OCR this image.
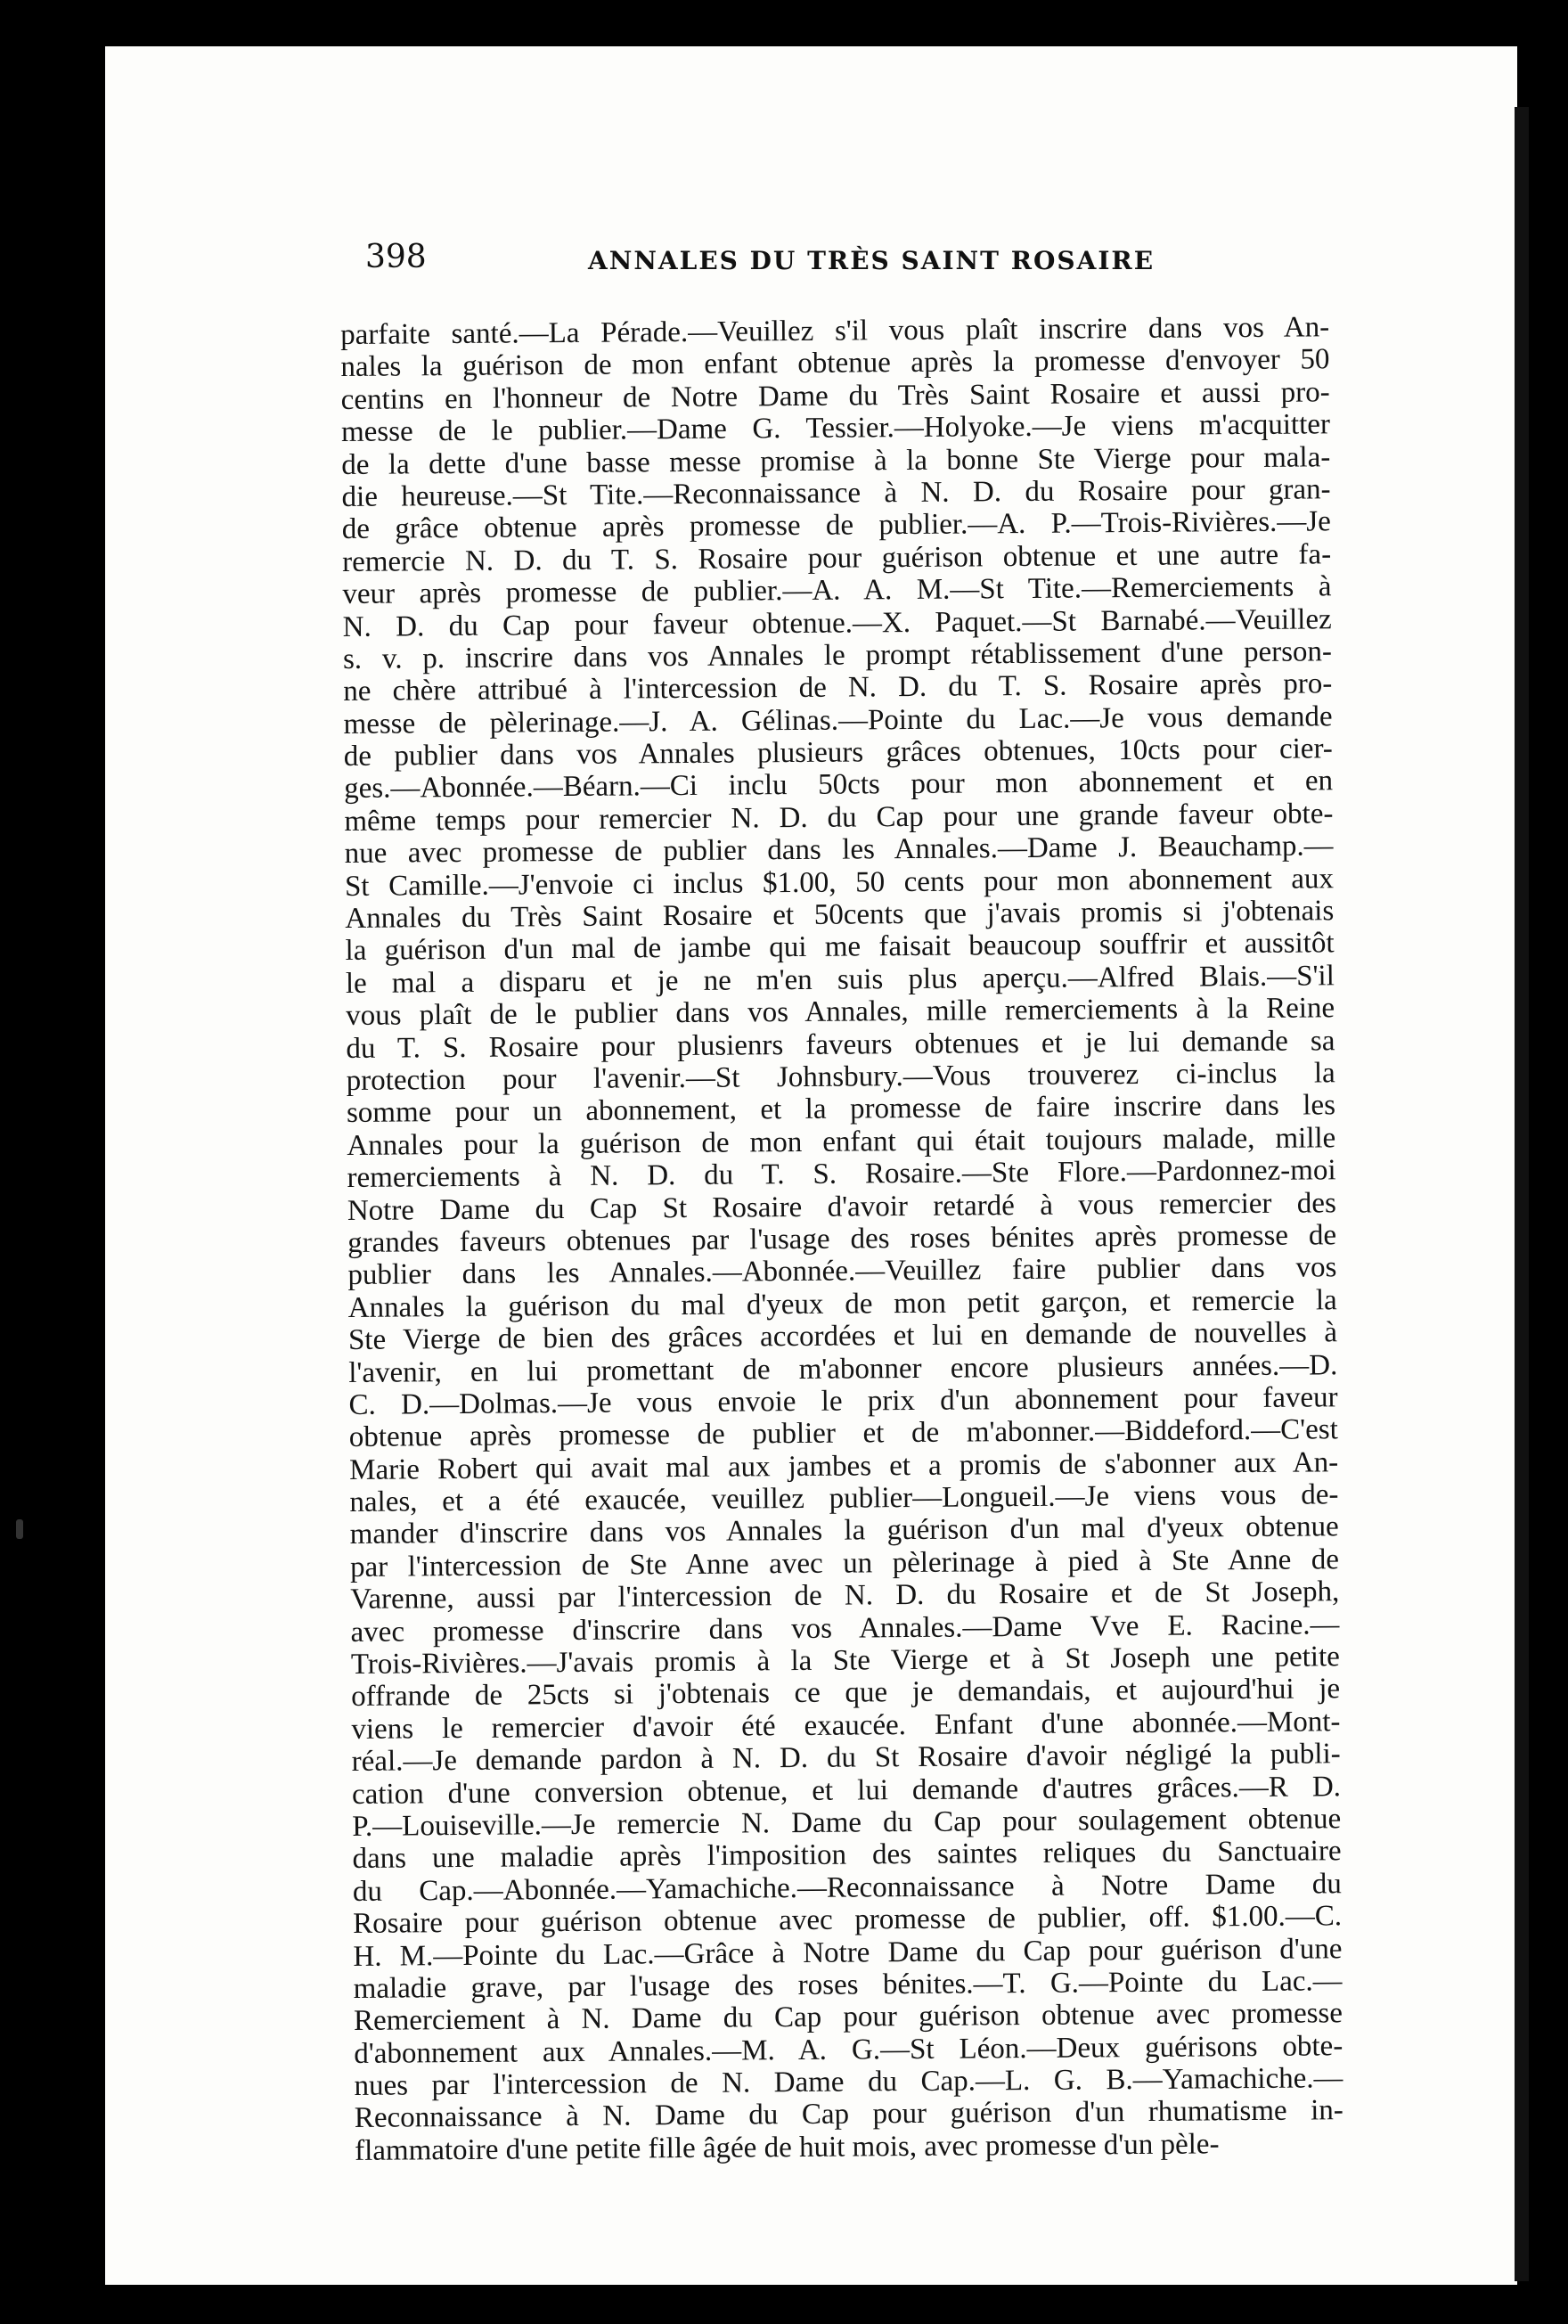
398	ANNALES DU TRÈS SAINT ROSAIRE
parfaite santé.—La Pérade.—Veuillez s'il vous plaît inscrire dans vos An-
nales la guérison de mon enfant obtenue après la promesse d'envoyer 50
centins en l'honneur de Notre Dame du Très Saint Rosaire et aussi pro-
messe de le publier.—Dame G. Tessier.—Holyoke.—Je viens m'acquitter
de la dette d'une basse messe promise à la bonne Ste Vierge pour mala-
die heureuse.—St Tite.—Reconnaissance à N. D. du Rosaire pour gran-
de grâce obtenue après promesse de publier.—A. P.—Trois-Rivières.—Je
remercie N. D. du T. S. Rosaire pour guérison obtenue et une autre fa-
veur après promesse de publier.—A. A. M.—St Tite.—Remerciements à
N. D. du Cap pour faveur obtenue.—X. Paquet.—St Barnabé.—Veuillez
s. v. p. inscrire dans vos Annales le prompt rétablissement d'une person-
ne chère attribué à l'intercession de N. D. du T. S. Rosaire après pro-
messe de pèlerinage.—J. A. Gélinas.—Pointe du Lac.—Je vous demande
de publier dans vos Annales plusieurs grâces obtenues, 10cts pour cier-
ges.—Abonnée.—Béarn.—Ci inclu 50cts pour mon abonnement et en
même temps pour remercier N. D. du Cap pour une grande faveur obte-
nue avec promesse de publier dans les Annales.—Dame J. Beauchamp.—
St Camille.—J'envoie ci inclus $1.00, 50 cents pour mon abonnement aux
Annales du Très Saint Rosaire et 50cents que j'avais promis si j'obtenais
la guérison d'un mal de jambe qui me faisait beaucoup souffrir et aussitôt
le mal a disparu et je ne m'en suis plus aperçu.—Alfred Blais.—S'il
vous plaît de le publier dans vos Annales, mille remerciements à la Reine
du T. S. Rosaire pour plusienrs faveurs obtenues et je lui demande sa
protection pour l'avenir.—St Johnsbury.—Vous trouverez ci-inclus la
somme pour un abonnement, et la promesse de faire inscrire dans les
Annales pour la guérison de mon enfant qui était toujours malade, mille
remerciements à N. D. du T. S. Rosaire.—Ste Flore.—Pardonnez-moi
Notre Dame du Cap St Rosaire d'avoir retardé à vous remercier des
grandes faveurs obtenues par l'usage des roses bénites après promesse de
publier dans les Annales.—Abonnée.—Veuillez faire publier dans vos
Annales la guérison du mal d'yeux de mon petit garçon, et remercie la
Ste Vierge de bien des grâces accordées et lui en demande de nouvelles à
l'avenir, en lui promettant de m'abonner encore plusieurs années.—D.
C. D.—Dolmas.—Je vous envoie le prix d'un abonnement pour faveur
obtenue après promesse de publier et de m'abonner.—Biddeford.—C'est
Marie Robert qui avait mal aux jambes et a promis de s'abonner aux An-
nales, et a été exaucée, veuillez publier—Longueil.—Je viens vous de-
mander d'inscrire dans vos Annales la guérison d'un mal d'yeux obtenue
par l'intercession de Ste Anne avec un pèlerinage à pied à Ste Anne de
Varenne, aussi par l'intercession de N. D. du Rosaire et de St Joseph,
avec promesse d'inscrire dans vos Annales.—Dame Vve E. Racine.—
Trois-Rivières.—J'avais promis à la Ste Vierge et à St Joseph une petite
offrande de 25cts si j'obtenais ce que je demandais, et aujourd'hui je
viens le remercier d'avoir été exaucée. Enfant d'une abonnée.—Mont-
réal.—Je demande pardon à N. D. du St Rosaire d'avoir négligé la publi-
cation d'une conversion obtenue, et lui demande d'autres grâces.—R D.
P.—Louiseville.—Je remercie N. Dame du Cap pour soulagement obtenue
dans une maladie après l'imposition des saintes reliques du Sanctuaire
du Cap.—Abonnée.—Yamachiche.—Reconnaissance à Notre Dame du
Rosaire pour guérison obtenue avec promesse de publier, off. $1.00.—C.
H. M.—Pointe du Lac.—Grâce à Notre Dame du Cap pour guérison d'une
maladie grave, par l'usage des roses bénites.—T. G.—Pointe du Lac.—
Remerciement à N. Dame du Cap pour guérison obtenue avec promesse
d'abonnement aux Annales.—M. A. G.—St Léon.—Deux guérisons obte-
nues par l'intercession de N. Dame du Cap.—L. G. B.—Yamachiche.—
Reconnaissance à N. Dame du Cap pour guérison d'un rhumatisme in-
flammatoire d'une petite fille âgée de huit mois, avec promesse d'un pèle-
